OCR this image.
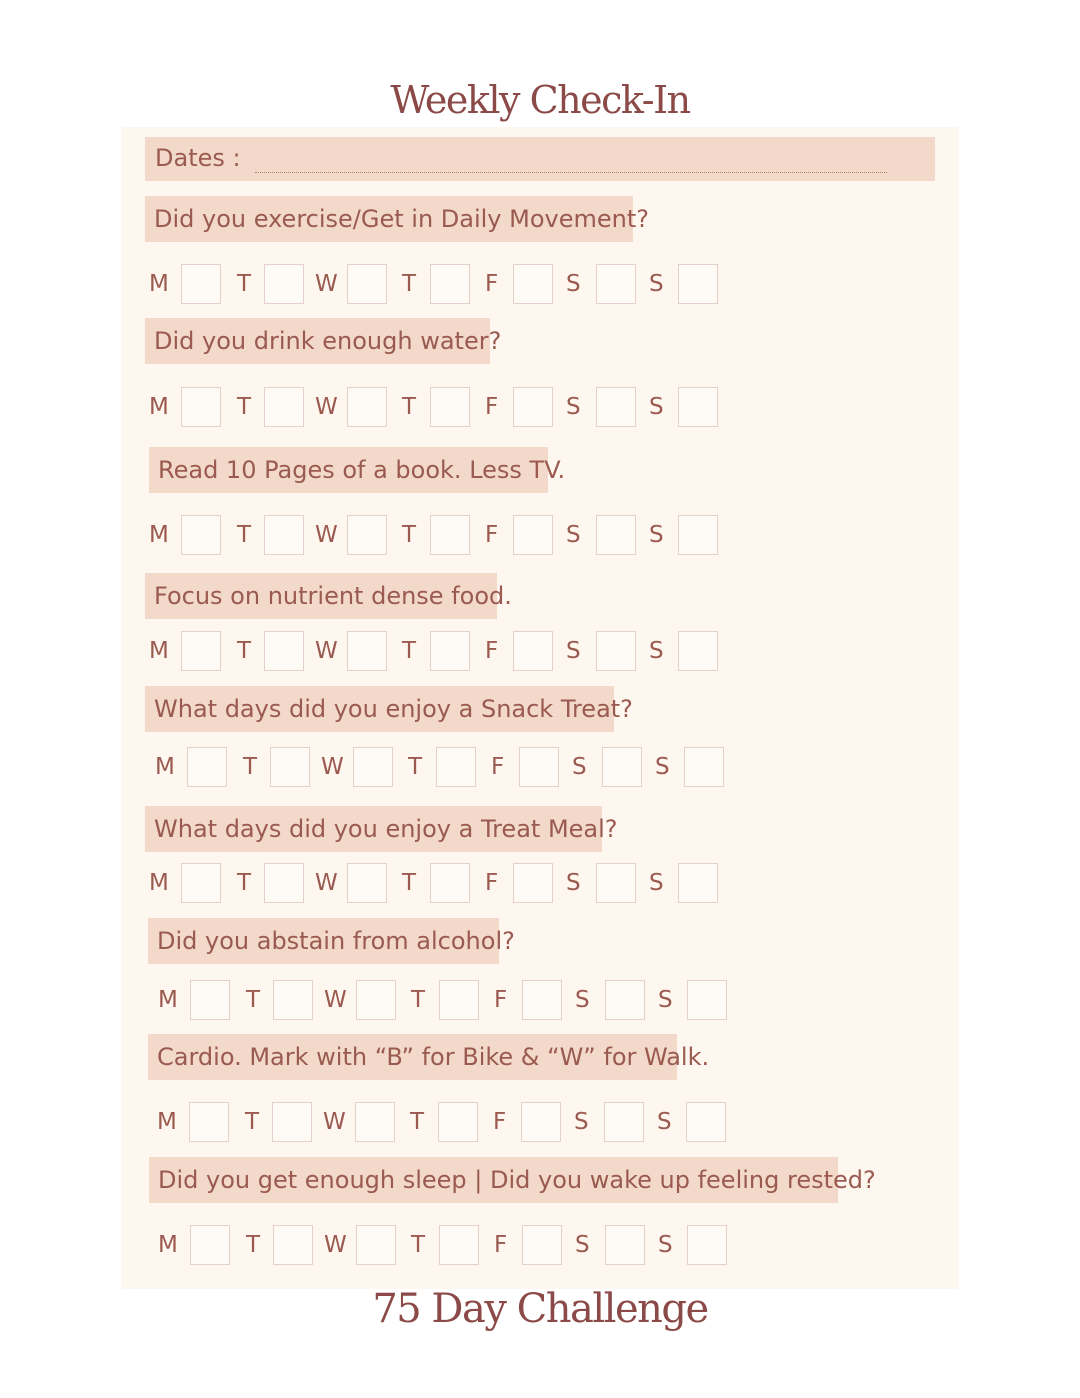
Weekly Check-In
Dates :
Did you exercise/Get in Daily Movement?
M	T	W	T	F	S	S
Did you drink enough water?
M	T	W	T	F	S	S
Read 10 Pages of a book. Less TV.
M	T	W	T	F	S	S
Focus on nutrient dense food.
M	T	W	T	F	S	S
What days did you enjoy a Snack Treat?
M	T	W	T	F	S	S
What days did you enjoy a Treat Meal?
M	T	W	T	F	S	S
Did you abstain from alcohol?
M	T	W	T	F	S	S
Cardio. Mark with “B” for Bike & “W” for Walk.
M	T	W	T	F	S	S
Did you get enough sleep | Did you wake up feeling rested?
M	T	W	T	F	S	S
75 Day Challenge
